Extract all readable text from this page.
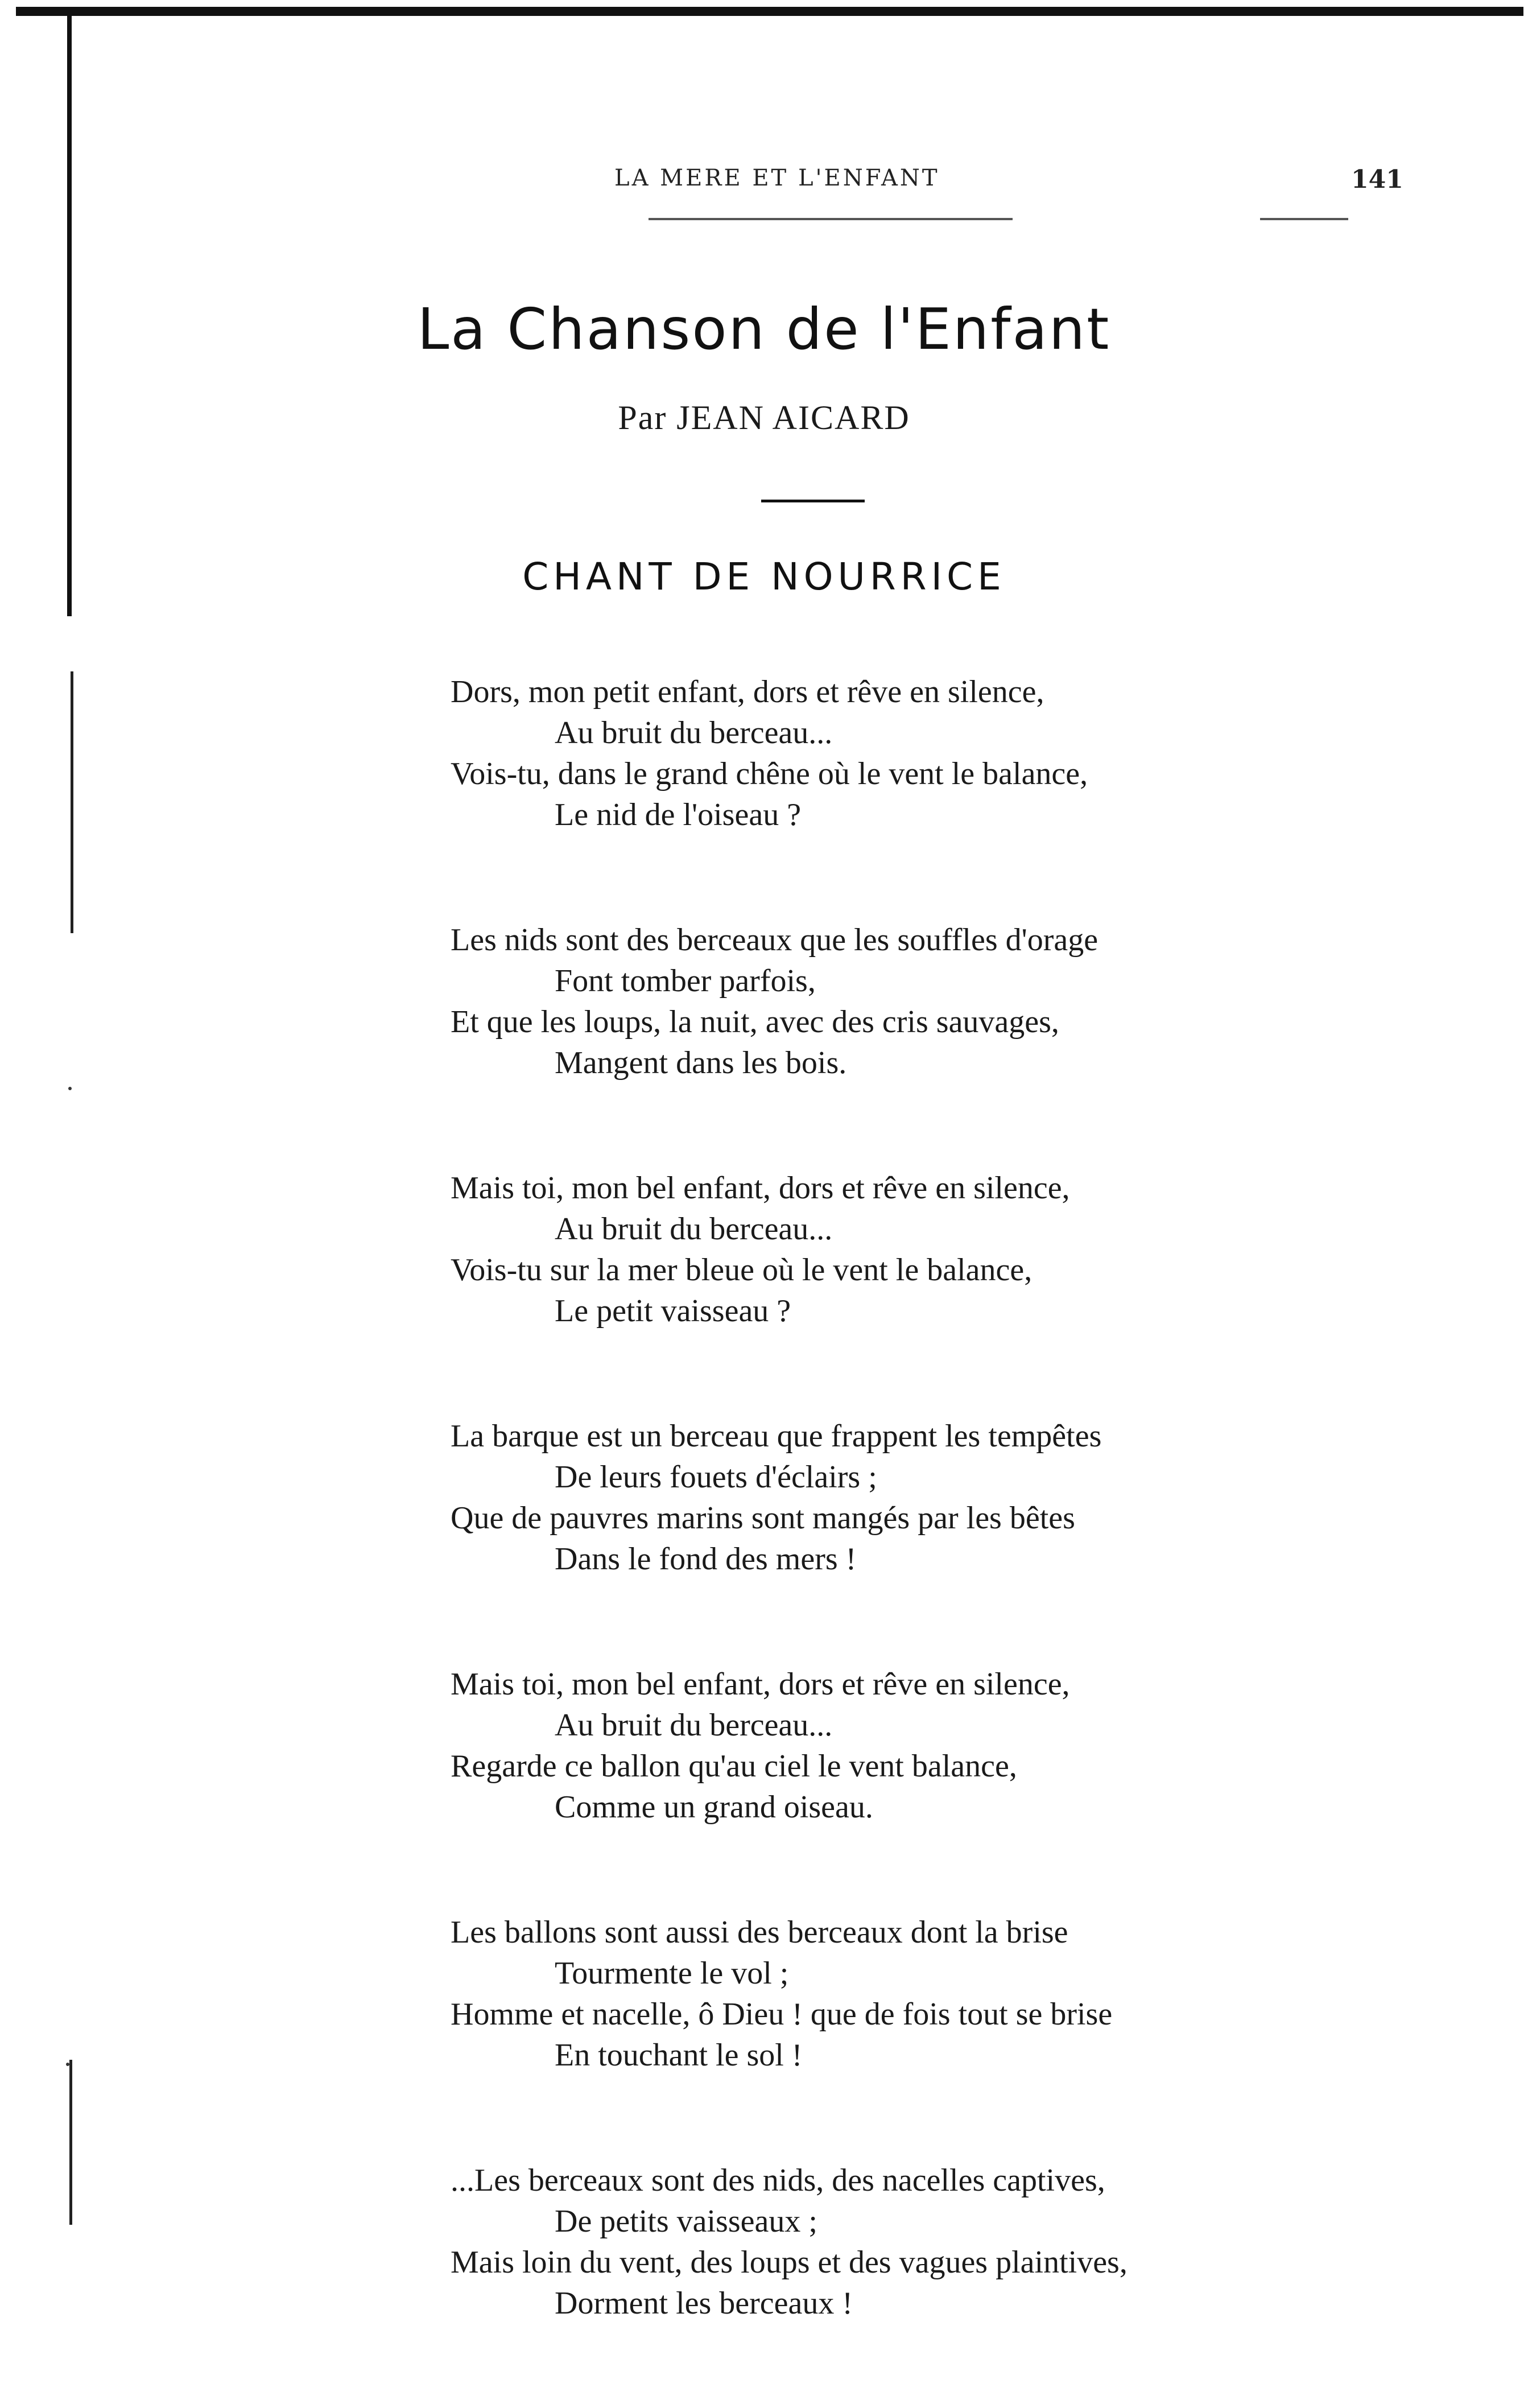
LA MERE ET L'ENFANT	141
La Chanson de l'Enfant
Par JEAN AICARD
CHANT DE NOURRICE
Dors, mon petit enfant, dors et rêve en silence,
Au bruit du berceau...
Vois-tu, dans le grand chêne où le vent le balance,
Le nid de l'oiseau ?
Les nids sont des berceaux que les souffles d'orage
Font tomber parfois,
Et que les loups, la nuit, avec des cris sauvages,
Mangent dans les bois.
Mais toi, mon bel enfant, dors et rêve en silence,
Au bruit du berceau...
Vois-tu sur la mer bleue où le vent le balance,
Le petit vaisseau ?
La barque est un berceau que frappent les tempêtes
De leurs fouets d'éclairs ;
Que de pauvres marins sont mangés par les bêtes
Dans le fond des mers !
Mais toi, mon bel enfant, dors et rêve en silence,
Au bruit du berceau...
Regarde ce ballon qu'au ciel le vent balance,
Comme un grand oiseau.
Les ballons sont aussi des berceaux dont la brise
Tourmente le vol ;
Homme et nacelle, ô Dieu ! que de fois tout se brise
En touchant le sol !
...Les berceaux sont des nids, des nacelles captives,
De petits vaisseaux ;
Mais loin du vent, des loups et des vagues plaintives,
Dorment les berceaux !
